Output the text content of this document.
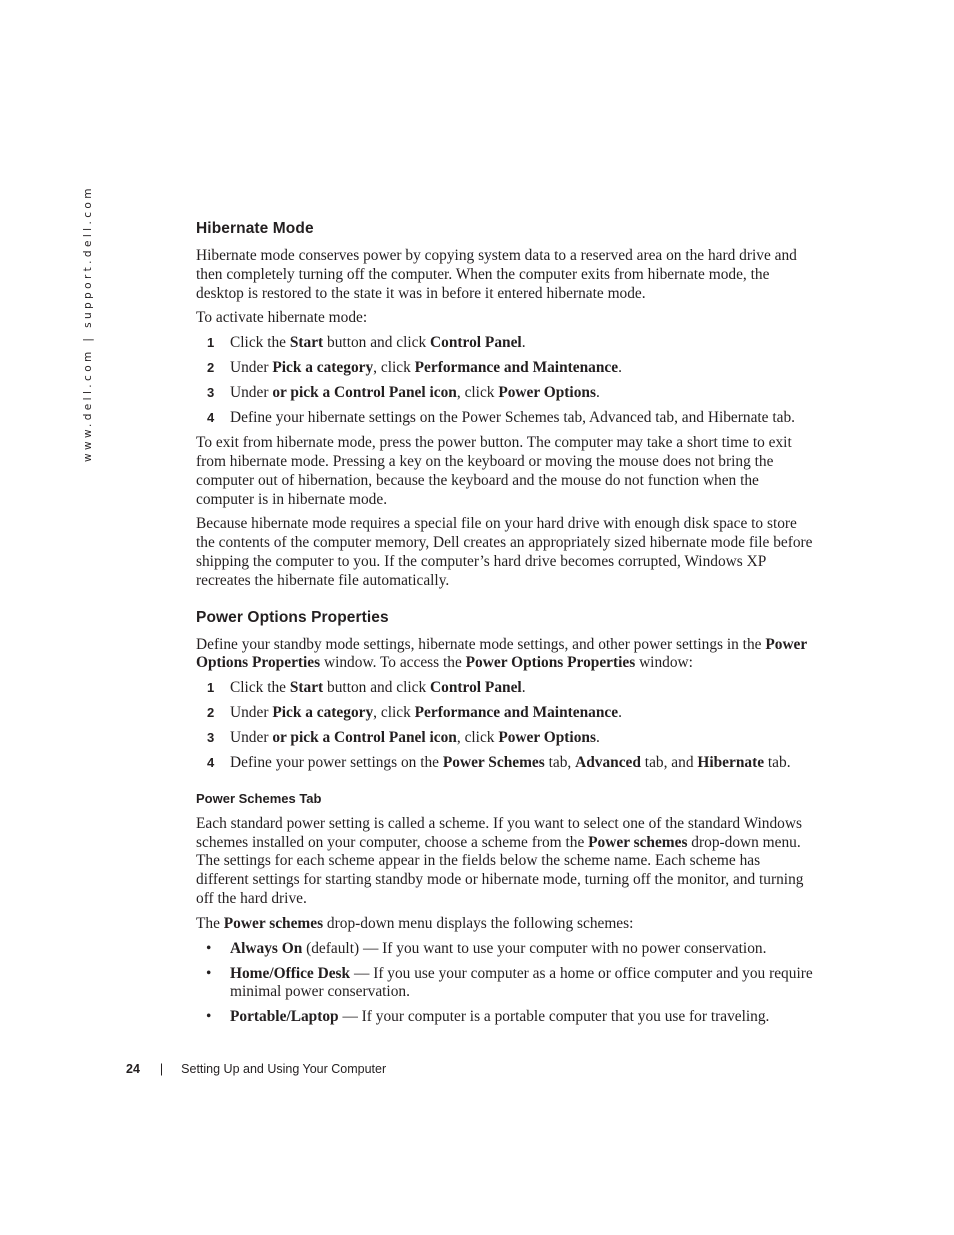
www.dell.com | support.dell.com	Hibernate Mode

Hibernate mode conserves power by copying system data to a reserved area on the hard drive and then completely turning off the computer. When the computer exits from hibernate mode, the desktop is restored to the state it was in before it entered hibernate mode.

To activate hibernate mode:

1 Click the Start button and click Control Panel.
2 Under Pick a category, click Performance and Maintenance.
3 Under or pick a Control Panel icon, click Power Options.
4 Define your hibernate settings on the Power Schemes tab, Advanced tab, and Hibernate tab.

To exit from hibernate mode, press the power button. The computer may take a short time to exit from hibernate mode. Pressing a key on the keyboard or moving the mouse does not bring the computer out of hibernation, because the keyboard and the mouse do not function when the computer is in hibernate mode.

Because hibernate mode requires a special file on your hard drive with enough disk space to store the contents of the computer memory, Dell creates an appropriately sized hibernate mode file before shipping the computer to you. If the computer’s hard drive becomes corrupted, Windows XP recreates the hibernate file automatically.

Power Options Properties

Define your standby mode settings, hibernate mode settings, and other power settings in the Power Options Properties window. To access the Power Options Properties window:

1 Click the Start button and click Control Panel.
2 Under Pick a category, click Performance and Maintenance.
3 Under or pick a Control Panel icon, click Power Options.
4 Define your power settings on the Power Schemes tab, Advanced tab, and Hibernate tab.
Power Schemes Tab

Each standard power setting is called a scheme. If you want to select one of the standard Windows schemes installed on your computer, choose a scheme from the Power schemes drop-down menu. The settings for each scheme appear in the fields below the scheme name. Each scheme has different settings for starting standby mode or hibernate mode, turning off the monitor, and turning off the hard drive.

The Power schemes drop-down menu displays the following schemes:

• Always On (default) — If you want to use your computer with no power conservation.
• Home/Office Desk — If you use your computer as a home or office computer and you require minimal power conservation.
• Portable/Laptop — If your computer is a portable computer that you use for traveling.
24 | Setting Up and Using Your Computer
